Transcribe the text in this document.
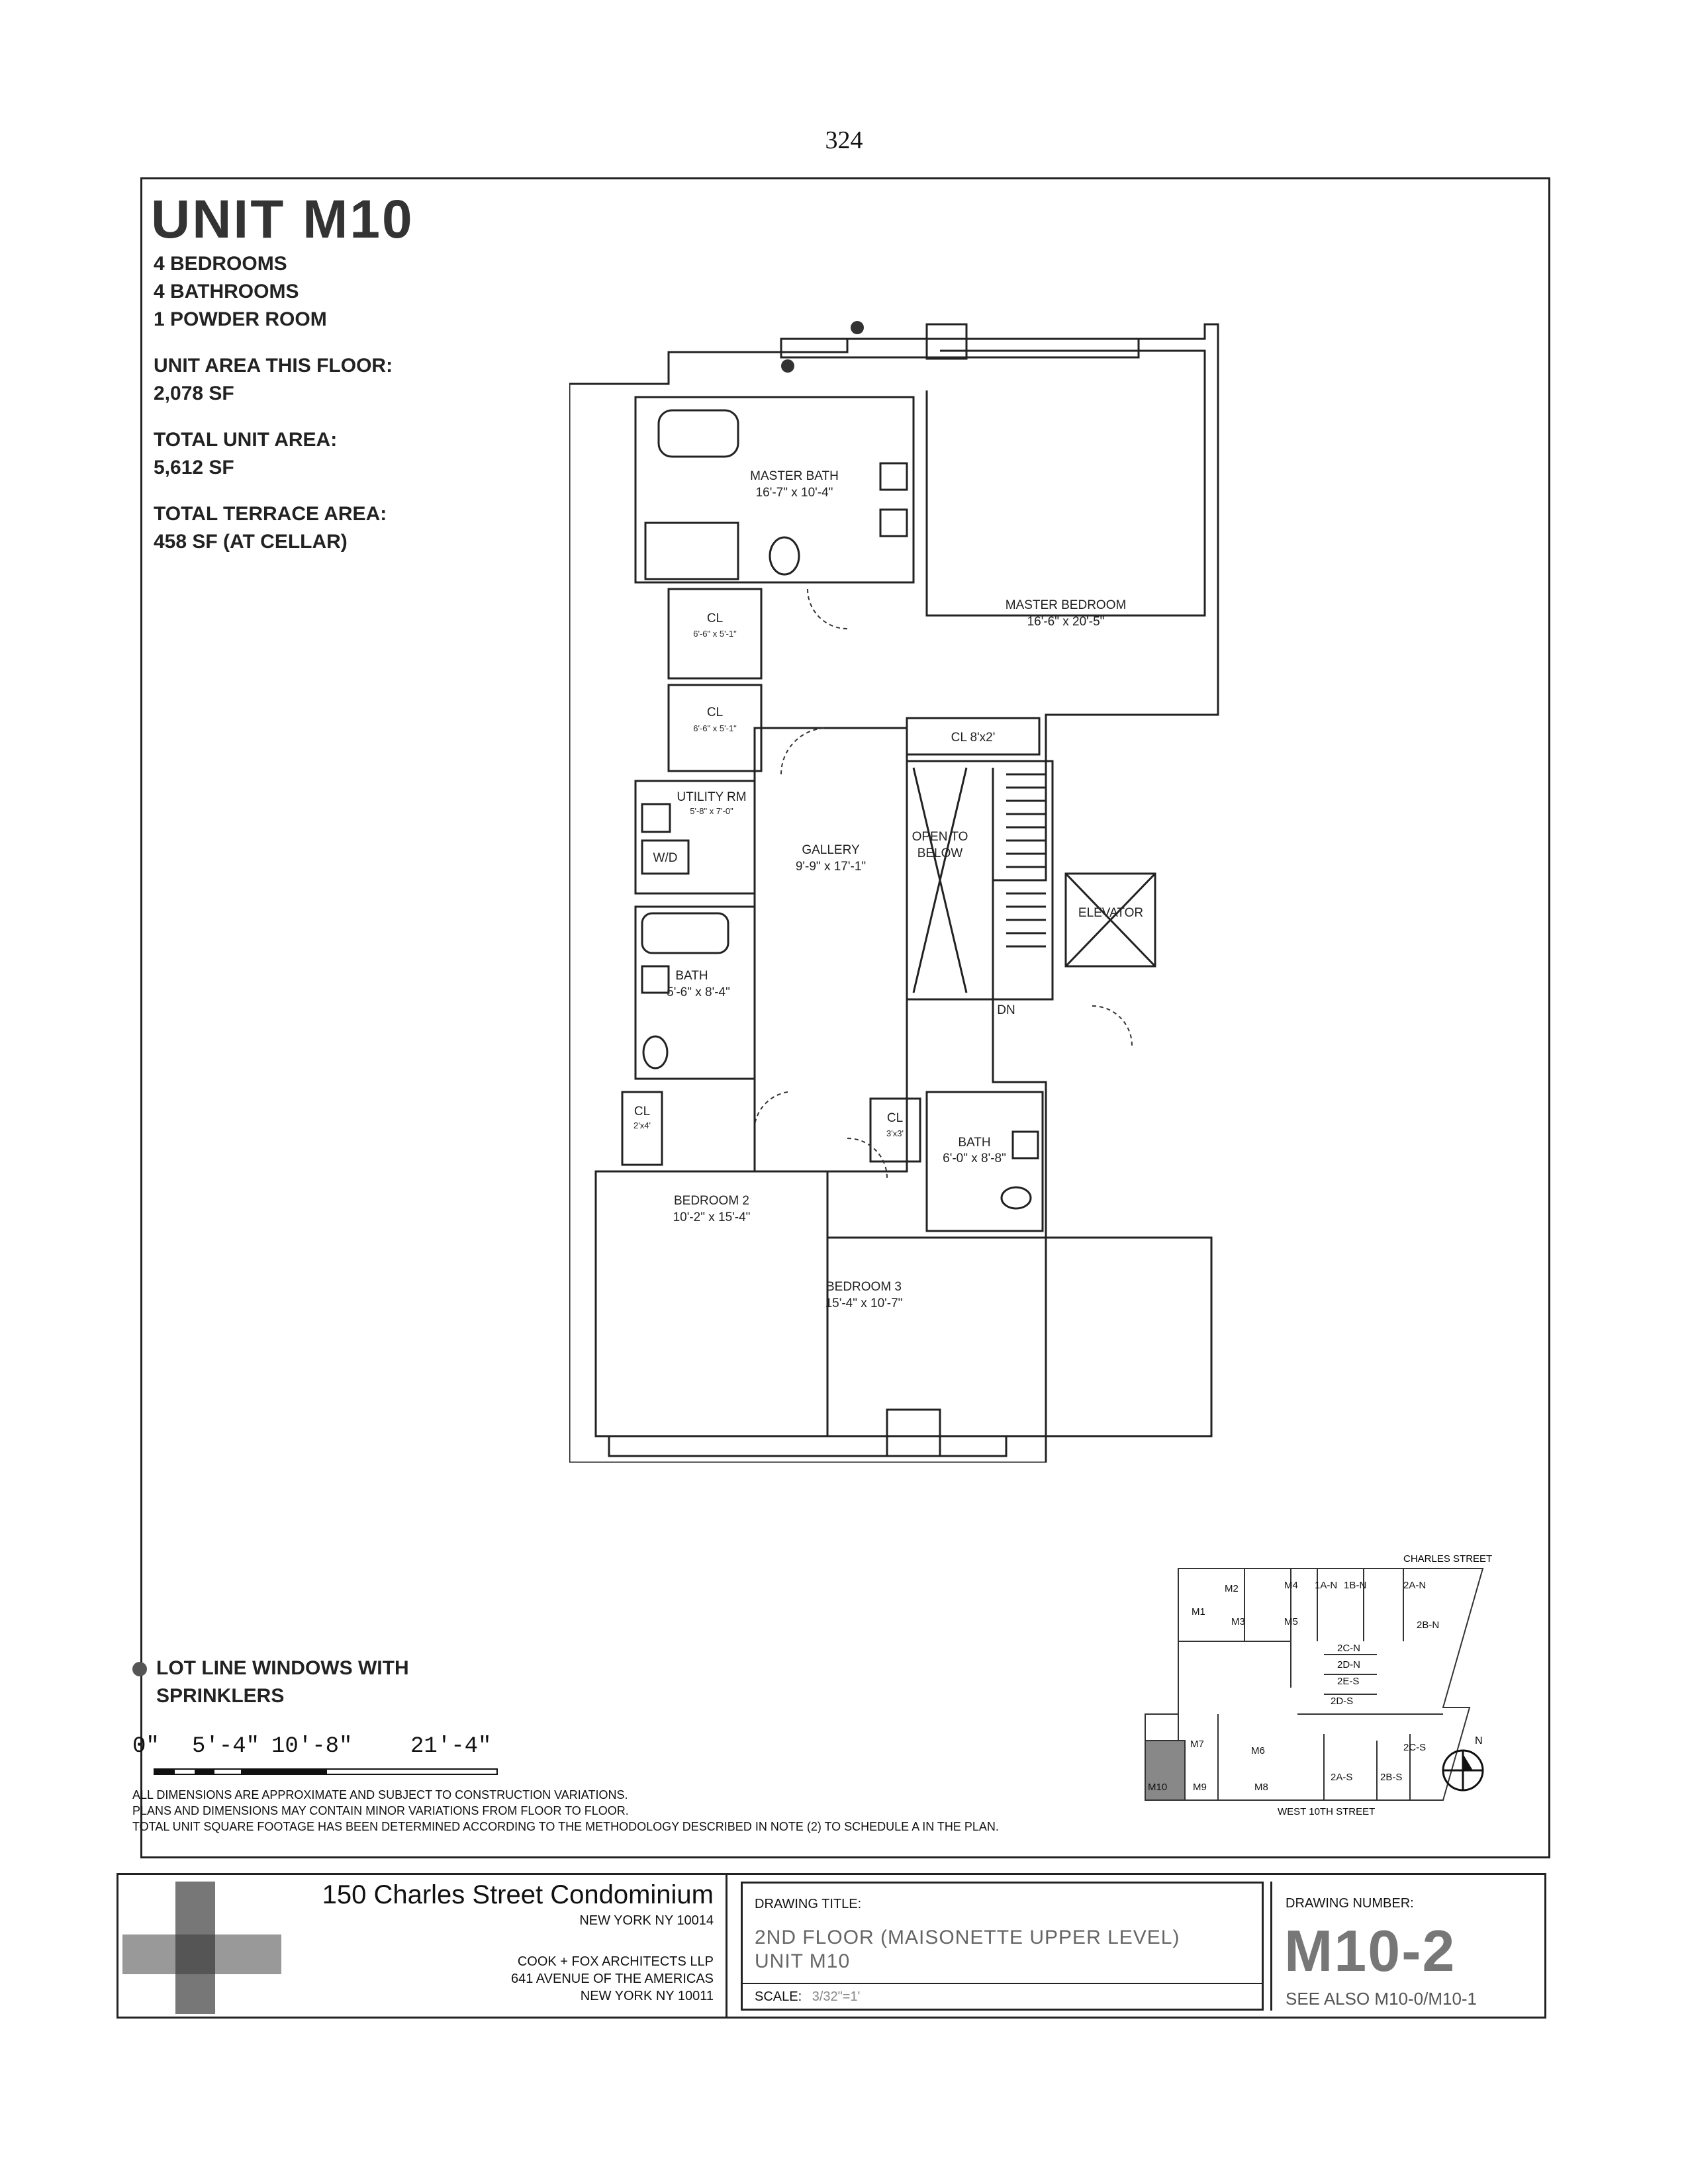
324
UNIT M10
4 BEDROOMS
4 BATHROOMS
1 POWDER ROOM
UNIT AREA THIS FLOOR:
2,078 SF
TOTAL UNIT AREA:
5,612 SF
TOTAL TERRACE AREA:
458 SF (AT CELLAR)
MASTER BATH
16'-7" x 10'-4"
MASTER BEDROOM
16'-6" x 20'-5"
CL
6'-6" x 5'-1"
CL
6'-6" x 5'-1"
CL 8'x2'
UTILITY RM
5'-8" x 7'-0"
W/D
GALLERY
9'-9" x 17'-1"
OPEN TO
BELOW
ELEVATOR
DN
BATH
5'-6" x 8'-4"
CL
2'x4'
CL
3'x3'
BATH
6'-0" x 8'-8"
BEDROOM 2
10'-2" x 15'-4"
BEDROOM 3
15'-4" x 10'-7"
LOT LINE WINDOWS WITH
SPRINKLERS
0" 5'-4" 10'-8"	21'-4"
ALL DIMENSIONS ARE APPROXIMATE AND SUBJECT TO CONSTRUCTION VARIATIONS.
PLANS AND DIMENSIONS MAY CONTAIN MINOR VARIATIONS FROM FLOOR TO FLOOR.
TOTAL UNIT SQUARE FOOTAGE HAS BEEN DETERMINED ACCORDING TO THE METHODOLOGY DESCRIBED IN NOTE (2) TO SCHEDULE A IN THE PLAN.
CHARLES STREET
WEST 10TH STREET
M1
M2
M3
M4
M5
M6
M7
M8
M9
M10
1A-N 1B-N	2A-N
2B-N
2C-N
2D-N
2E-S
2D-S
2C-S
2A-S	2B-S
N
150 Charles Street Condominium
NEW YORK NY 10014
COOK + FOX ARCHITECTS LLP
641 AVENUE OF THE AMERICAS
NEW YORK NY 10011
DRAWING TITLE:
2ND FLOOR (MAISONETTE UPPER LEVEL)
UNIT M10
SCALE: 3/32"=1'
DRAWING NUMBER:
M10-2
SEE ALSO M10-0/M10-1
